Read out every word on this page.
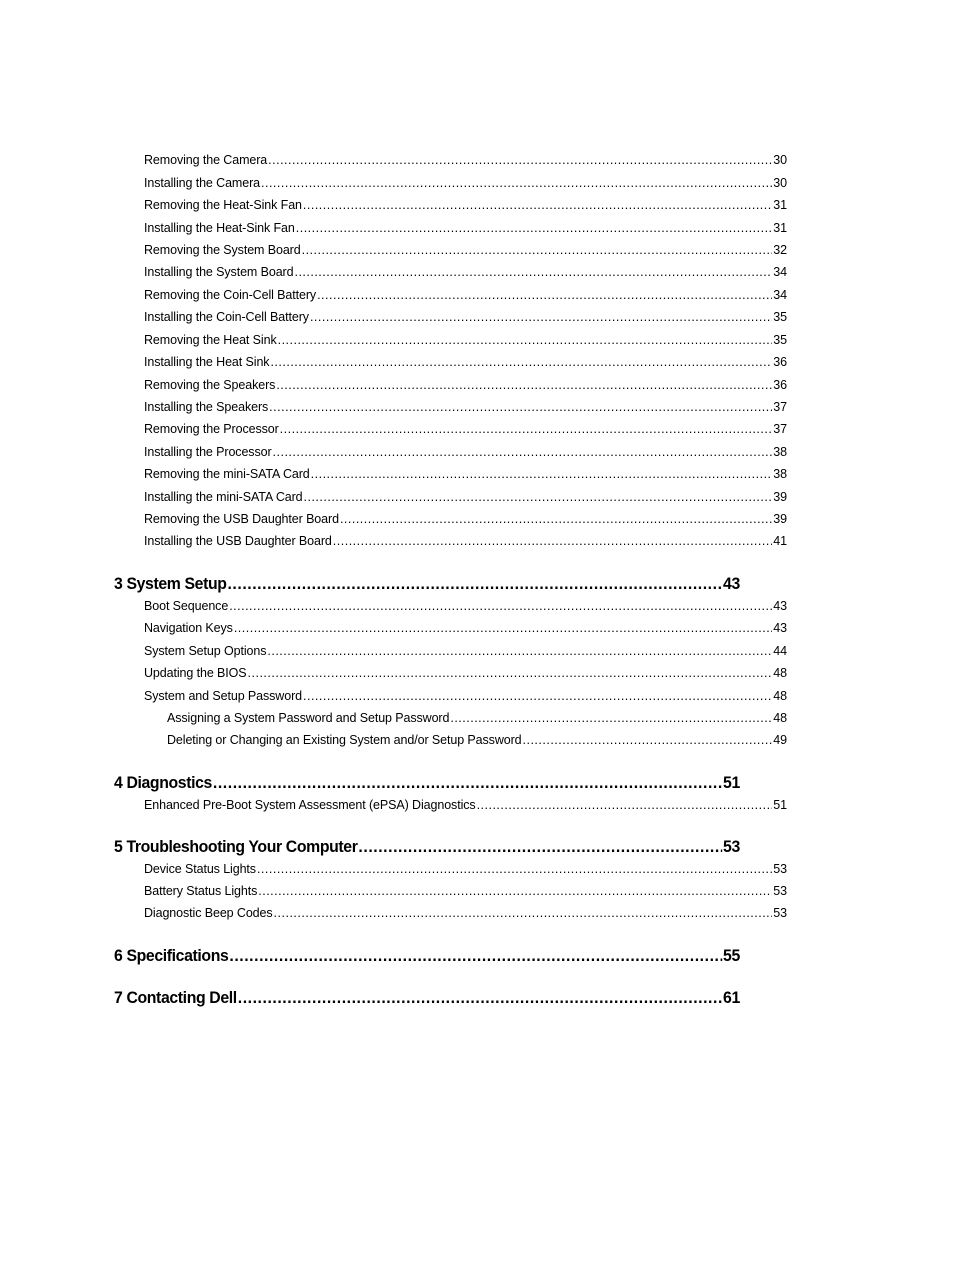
Removing the Camera .....	30
Installing the Camera .....	30
Removing the Heat-Sink Fan .....	31
Installing the Heat-Sink Fan .....	31
Removing the System Board .....	32
Installing the System Board .....	34
Removing the Coin-Cell Battery .....	34
Installing the Coin-Cell Battery .....	35
Removing the Heat Sink .....	35
Installing the Heat Sink .....	36
Removing the Speakers .....	36
Installing the Speakers .....	37
Removing the Processor .....	37
Installing the Processor .....	38
Removing the mini-SATA Card .....	38
Installing the mini-SATA Card .....	39
Removing the USB Daughter Board .....	39
Installing the USB Daughter Board .....	41
3 System Setup .....	43
Boot Sequence .....	43
Navigation Keys .....	43
System Setup Options .....	44
Updating the BIOS .....	48
System and Setup Password .....	48
Assigning a System Password and Setup Password .....	48
Deleting or Changing an Existing System and/or Setup Password .....	49
4 Diagnostics .....	51
Enhanced Pre-Boot System Assessment (ePSA) Diagnostics .....	51
5 Troubleshooting Your Computer .....	53
Device Status Lights .....	53
Battery Status Lights .....	53
Diagnostic Beep Codes .....	53
6 Specifications .....	55
7 Contacting Dell .....	61
